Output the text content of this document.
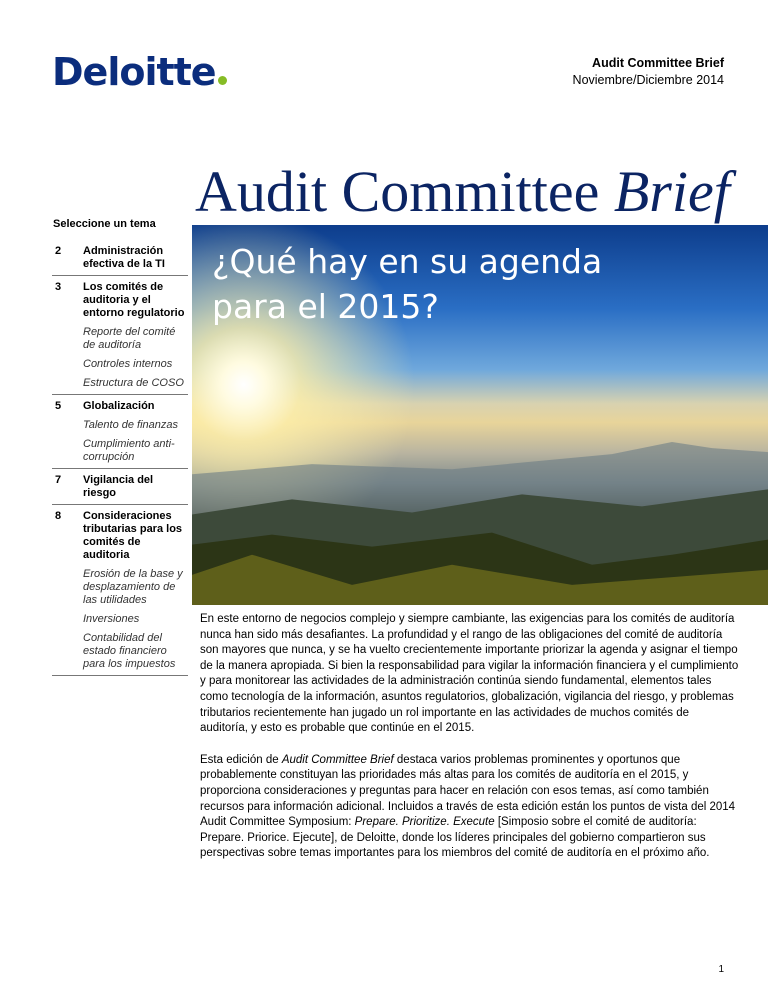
Deloitte	Audit Committee Brief
Noviembre/Diciembre 2014
Audit Committee Brief
Seleccione un tema
2	Administración efectiva de la TI
3	Los comités de auditoria y el entorno regulatorio
Reporte del comité de auditoría
Controles internos
Estructura de COSO
5	Globalización
Talento de finanzas
Cumplimiento anti-corrupción
7	Vigilancia del riesgo
8	Consideraciones tributarias para los comités de auditoria
Erosión de la base y desplazamiento de las utilidades
Inversiones
Contabilidad del estado financiero para los impuestos
¿Qué hay en su agenda
para el 2015?

En este entorno de negocios complejo y siempre cambiante, las exigencias para los comités de auditoría nunca han sido más desafiantes. La profundidad y el rango de las obligaciones del comité de auditoría son mayores que nunca, y se ha vuelto crecientemente importante priorizar la agenda y asignar el tiempo de la manera apropiada. Si bien la responsabilidad para vigilar la información financiera y el cumplimiento y para monitorear las actividades de la administración continúa siendo fundamental, elementos tales como tecnología de la información, asuntos regulatorios, globalización, vigilancia del riesgo, y problemas tributarios recientemente han jugado un rol importante en las actividades de muchos comités de auditoría, y esto es probable que continúe en el 2015.

Esta edición de Audit Committee Brief destaca varios problemas prominentes y oportunos que probablemente constituyan las prioridades más altas para los comités de auditoría en el 2015, y proporciona consideraciones y preguntas para hacer en relación con esos temas, así como también recursos para información adicional. Incluidos a través de esta edición están los puntos de vista del 2014 Audit Committee Symposium: Prepare. Prioritize. Execute [Simposio sobre el comité de auditoría: Prepare. Priorice. Ejecute], de Deloitte, donde los líderes principales del gobierno compartieron sus perspectivas sobre temas importantes para los miembros del comité de auditoría en el próximo año.

1
